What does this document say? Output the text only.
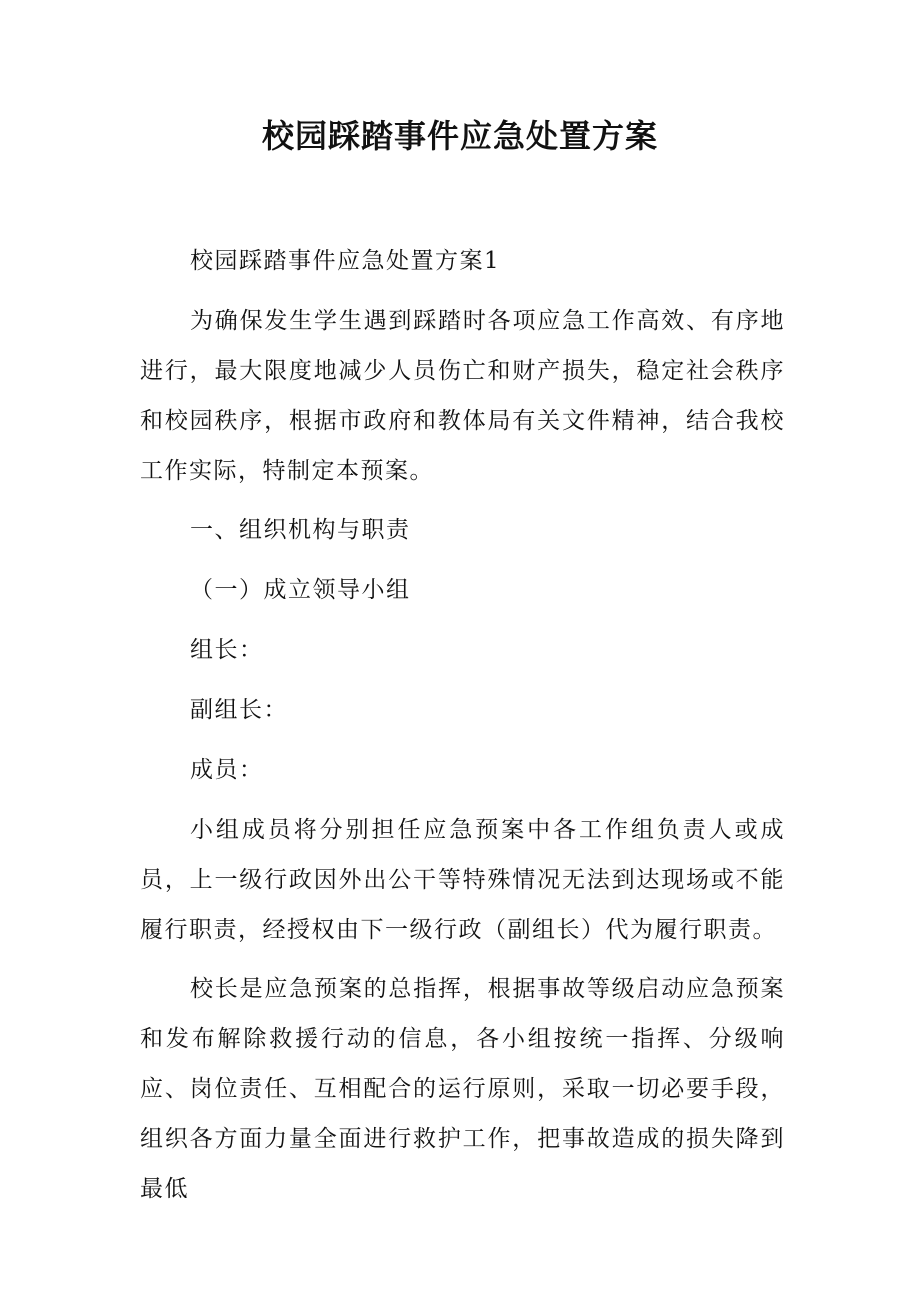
校园踩踏事件应急处置方案

校园踩踏事件应急处置方案1

为确保发生学生遇到踩踏时各项应急工作高效、有序地进行，最大限度地减少人员伤亡和财产损失，稳定社会秩序和校园秩序，根据市政府和教体局有关文件精神，结合我校工作实际，特制定本预案。

一、组织机构与职责

（一）成立领导小组

组长：

副组长：

成员：

小组成员将分别担任应急预案中各工作组负责人或成员，上一级行政因外出公干等特殊情况无法到达现场或不能履行职责，经授权由下一级行政（副组长）代为履行职责。

校长是应急预案的总指挥，根据事故等级启动应急预案和发布解除救援行动的信息，各小组按统一指挥、分级响应、岗位责任、互相配合的运行原则，采取一切必要手段，组织各方面力量全面进行救护工作，把事故造成的损失降到最低
